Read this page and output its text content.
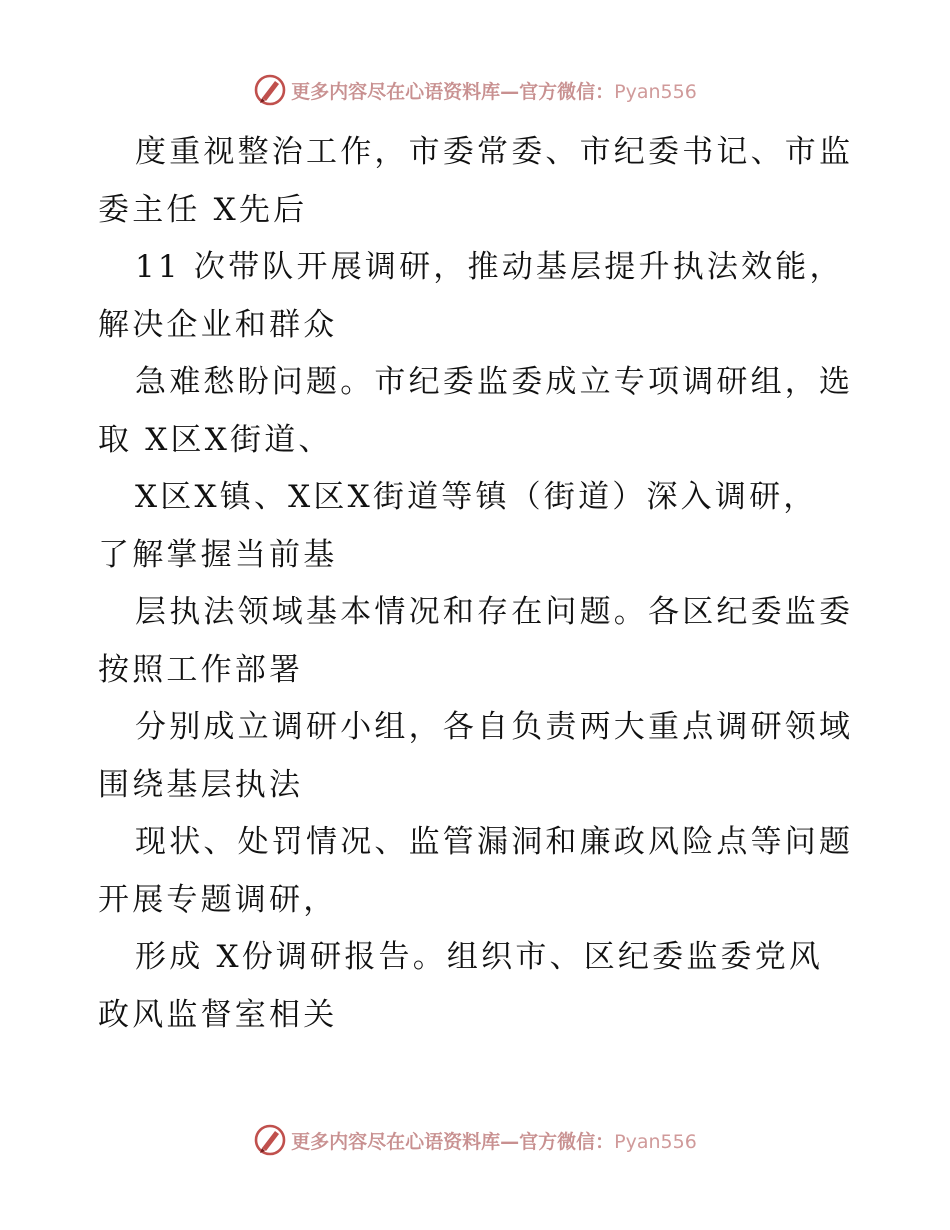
更多内容尽在心语资料库—官方微信：Pyan556
度重视整治工作，市委常委、市纪委书记、市监
委主任 X先后
11 次带队开展调研，推动基层提升执法效能，
解决企业和群众
急难愁盼问题。市纪委监委成立专项调研组，选
取 X区X街道、
X区X镇、X区X街道等镇（街道）深入调研，
了解掌握当前基
层执法领域基本情况和存在问题。各区纪委监委
按照工作部署
分别成立调研小组，各自负责两大重点调研领域
围绕基层执法
现状、处罚情况、监管漏洞和廉政风险点等问题
开展专题调研，
形成 X份调研报告。组织市、区纪委监委党风
政风监督室相关
更多内容尽在心语资料库—官方微信：Pyan556
